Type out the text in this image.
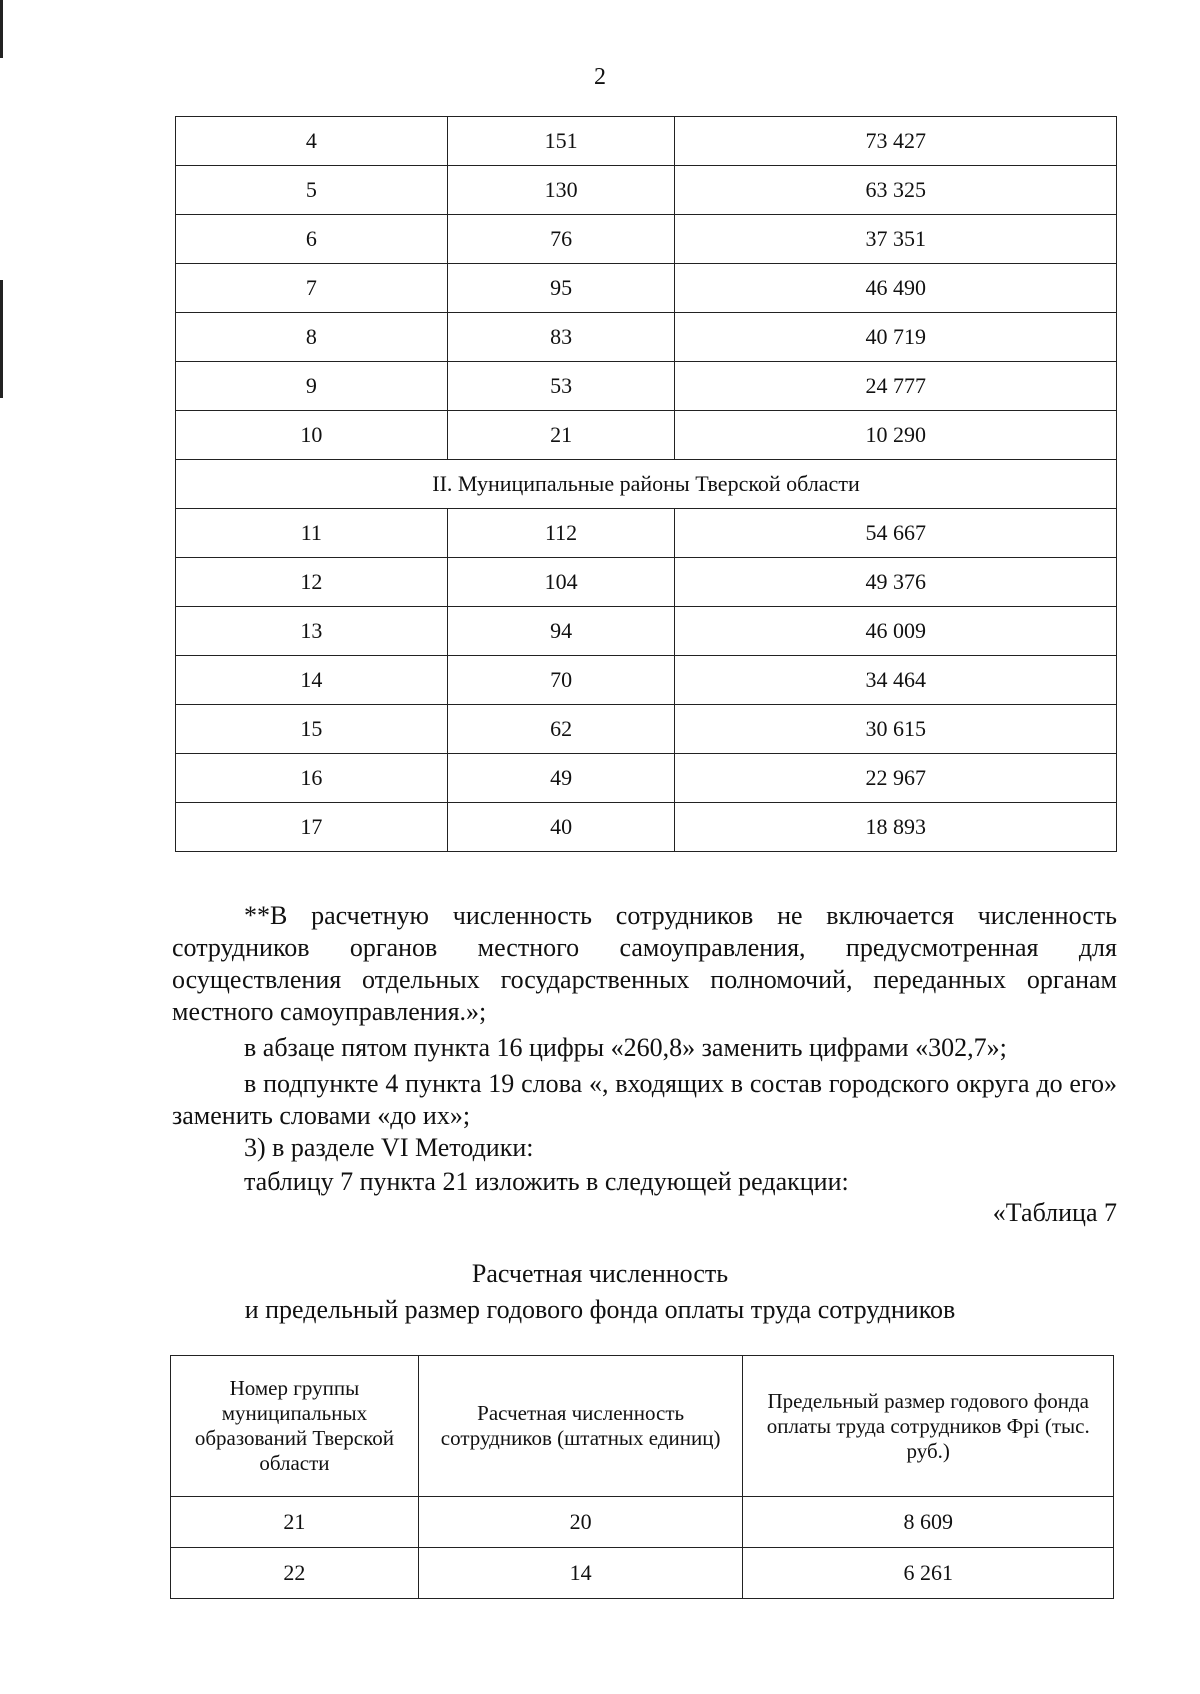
2
4	151	73 427
5	130	63 325
6	76	37 351
7	95	46 490
8	83	40 719
9	53	24 777
10	21	10 290
II. Муниципальные районы Тверской области		
11	112	54 667
12	104	49 376
13	94	46 009
14	70	34 464
15	62	30 615
16	49	22 967
17	40	18 893
**В расчетную численность сотрудников не включается численность сотрудников органов местного самоуправления, предусмотренная для осуществления отдельных государственных полномочий, переданных органам местного самоуправления.»;
в абзаце пятом пункта 16 цифры «260,8» заменить цифрами «302,7»;
в подпункте 4 пункта 19 слова «, входящих в состав городского округа до его» заменить словами «до их»;
3) в разделе VI Методики:
таблицу 7 пункта 21 изложить в следующей редакции:
«Таблица 7
Расчетная численность
и предельный размер годового фонда оплаты труда сотрудников
Номер группы муниципальных образований Тверской области	Расчетная численность сотрудников (штатных единиц)	Предельный размер годового фонда оплаты труда сотрудников Фрі (тыс. руб.)
21	20	8 609
22	14	6 261
